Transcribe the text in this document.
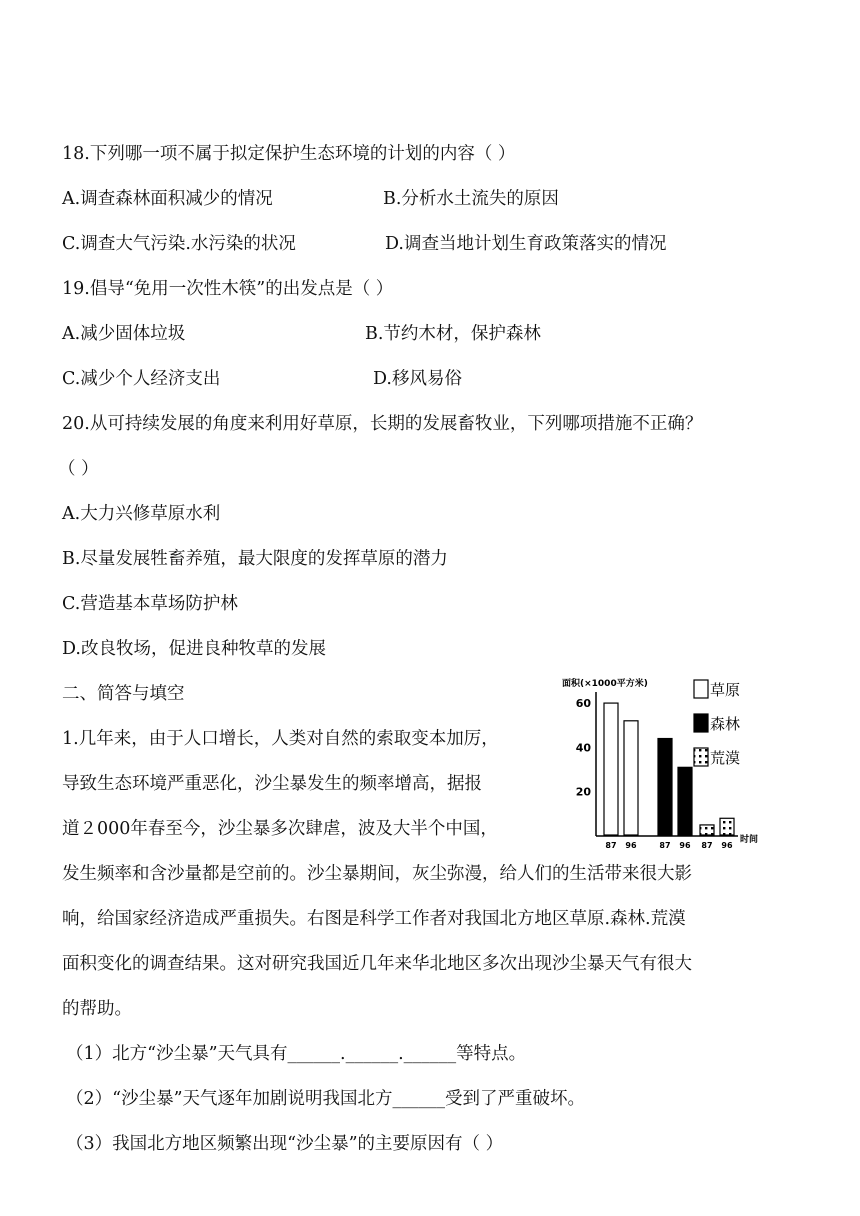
18.下列哪一项不属于拟定保护生态环境的计划的内容（ ）
A.调查森林面积减少的情况	B.分析水土流失的原因
C.调查大气污染.水污染的状况	D.调查当地计划生育政策落实的情况
19.倡导“免用一次性木筷”的出发点是（ ）
A.减少固体垃圾	B.节约木材，保护森林
C.减少个人经济支出	D.移风易俗
20.从可持续发展的角度来利用好草原，长期的发展畜牧业，下列哪项措施不正确？
（ ）
A.大力兴修草原水利
B.尽量发展牲畜养殖，最大限度的发挥草原的潜力
C.营造基本草场防护林
D.改良牧场，促进良种牧草的发展
二、简答与填空
1.几年来，由于人口增长，人类对自然的索取变本加厉，
导致生态环境严重恶化，沙尘暴发生的频率增高，据报
道２000年春至今，沙尘暴多次肆虐，波及大半个中国，
发生频率和含沙量都是空前的。沙尘暴期间，灰尘弥漫，给人们的生活带来很大影
响，给国家经济造成严重损失。右图是科学工作者对我国北方地区草原.森林.荒漠
面积变化的调查结果。这对研究我国近几年来华北地区多次出现沙尘暴天气有很大
的帮助。
（1）北方“沙尘暴”天气具有______.______.______等特点。
（2）“沙尘暴”天气逐年加剧说明我国北方______受到了严重破坏。
（3）我国北方地区频繁出现“沙尘暴”的主要原因有（ ）
面积(×1000平方米)
时间
20
40
60
87 96	87 96 87 96
草原
森林
荒漠
